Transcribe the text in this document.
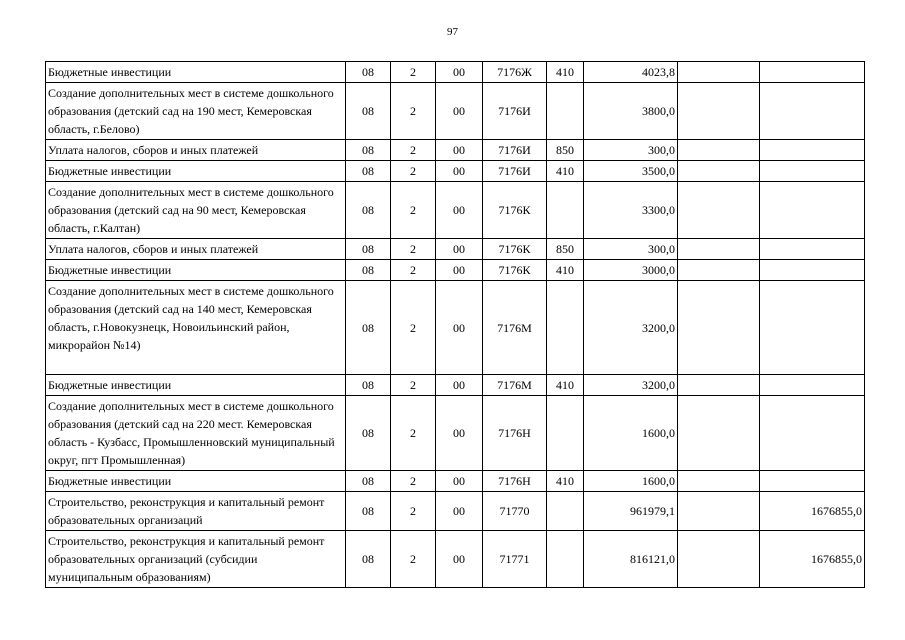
97
Бюджетные инвестиции	08	2	00	7176Ж	410	4023,8		
Создание дополнительных мест в системе дошкольного образования (детский сад на 190 мест, Кемеровская область, г.Белово)	08	2	00	7176И		3800,0		
Уплата налогов, сборов и иных платежей	08	2	00	7176И	850	300,0		
Бюджетные инвестиции	08	2	00	7176И	410	3500,0		
Создание дополнительных мест в системе дошкольного образования (детский сад на 90 мест, Кемеровская область, г.Калтан)	08	2	00	7176К		3300,0		
Уплата налогов, сборов и иных платежей	08	2	00	7176К	850	300,0		
Бюджетные инвестиции	08	2	00	7176К	410	3000,0		
Создание дополнительных мест в системе дошкольного образования (детский сад на 140 мест, Кемеровская область, г.Новокузнецк, Новоильинский район, микрорайон №14)	08	2	00	7176М		3200,0		
Бюджетные инвестиции	08	2	00	7176М	410	3200,0		
Создание дополнительных мест в системе дошкольного образования (детский сад на 220 мест. Кемеровская область - Кузбасс, Промышленновский муниципальный округ, пгт Промышленная)	08	2	00	7176Н		1600,0		
Бюджетные инвестиции	08	2	00	7176Н	410	1600,0		
Строительство, реконструкция и капитальный ремонт образовательных организаций	08	2	00	71770		961979,1		1676855,0
Строительство, реконструкция и капитальный ремонт образовательных организаций (субсидии муниципальным образованиям)	08	2	00	71771		816121,0		1676855,0
